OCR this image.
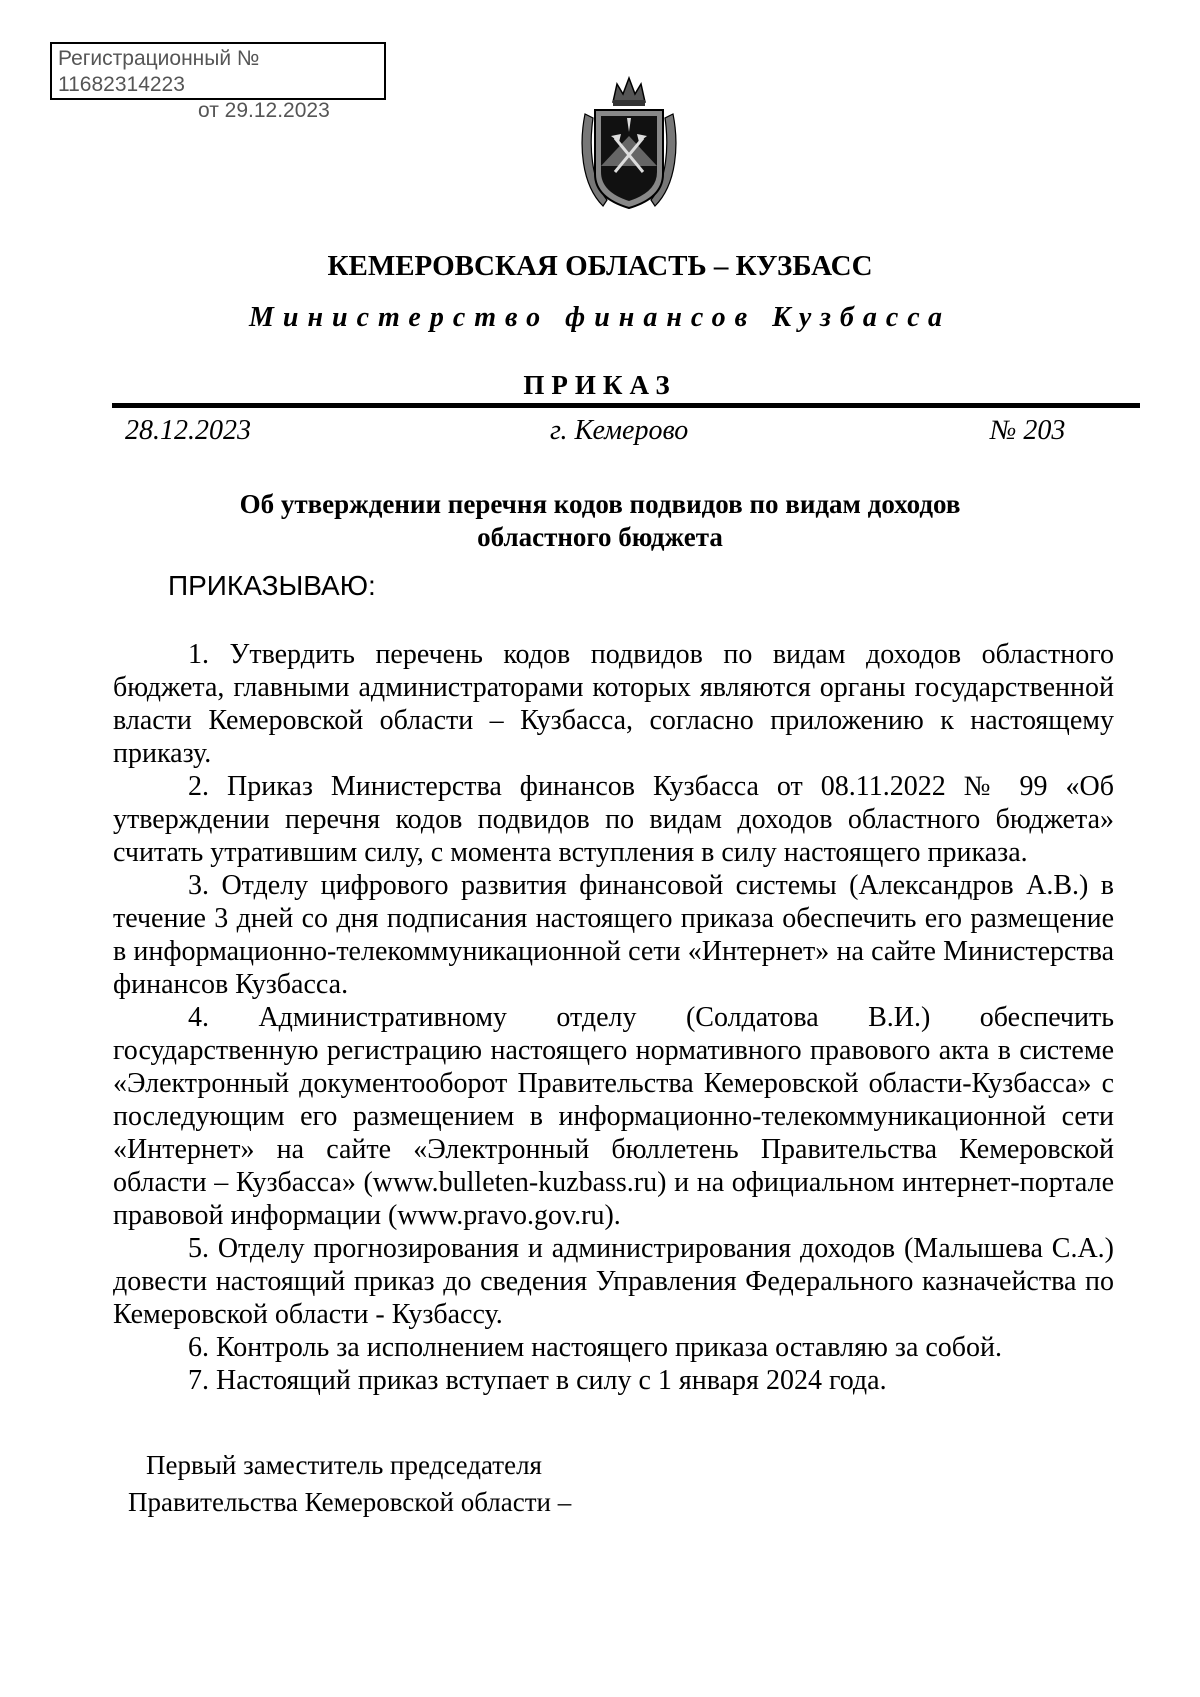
Регистрационный № 11682314223
от 29.12.2023
КЕМЕРОВСКАЯ ОБЛАСТЬ – КУЗБАСС
Министерство финансов Кузбасса
ПРИКАЗ
28.12.2023	г. Кемерово	№ 203
Об утверждении перечня кодов подвидов по видам доходов
областного бюджета
ПРИКАЗЫВАЮ:

1. Утвердить перечень кодов подвидов по видам доходов областного бюджета, главными администраторами которых являются органы государственной власти Кемеровской области – Кузбасса, согласно приложению к настоящему приказу.

2. Приказ Министерства финансов Кузбасса от 08.11.2022 № 99 «Об утверждении перечня кодов подвидов по видам доходов областного бюджета» считать утратившим силу, с момента вступления в силу настоящего приказа.

3. Отделу цифрового развития финансовой системы (Александров А.В.) в течение 3 дней со дня подписания настоящего приказа обеспечить его размещение в информационно-телекоммуникационной сети «Интернет» на сайте Министерства финансов Кузбасса.

4. Административному отделу (Солдатова В.И.) обеспечить государственную регистрацию настоящего нормативного правового акта в системе «Электронный документооборот Правительства Кемеровской области-Кузбасса» с последующим его размещением в информационно-телекоммуникационной сети «Интернет» на сайте «Электронный бюллетень Правительства Кемеровской области – Кузбасса» (www.bulleten-kuzbass.ru) и на официальном интернет-портале правовой информации (www.pravo.gov.ru).

5. Отделу прогнозирования и администрирования доходов (Малышева С.А.) довести настоящий приказ до сведения Управления Федерального казначейства по Кемеровской области - Кузбассу.

6. Контроль за исполнением настоящего приказа оставляю за собой.

7. Настоящий приказ вступает в силу с 1 января 2024 года.

Первый заместитель председателя
Правительства Кемеровской области –
